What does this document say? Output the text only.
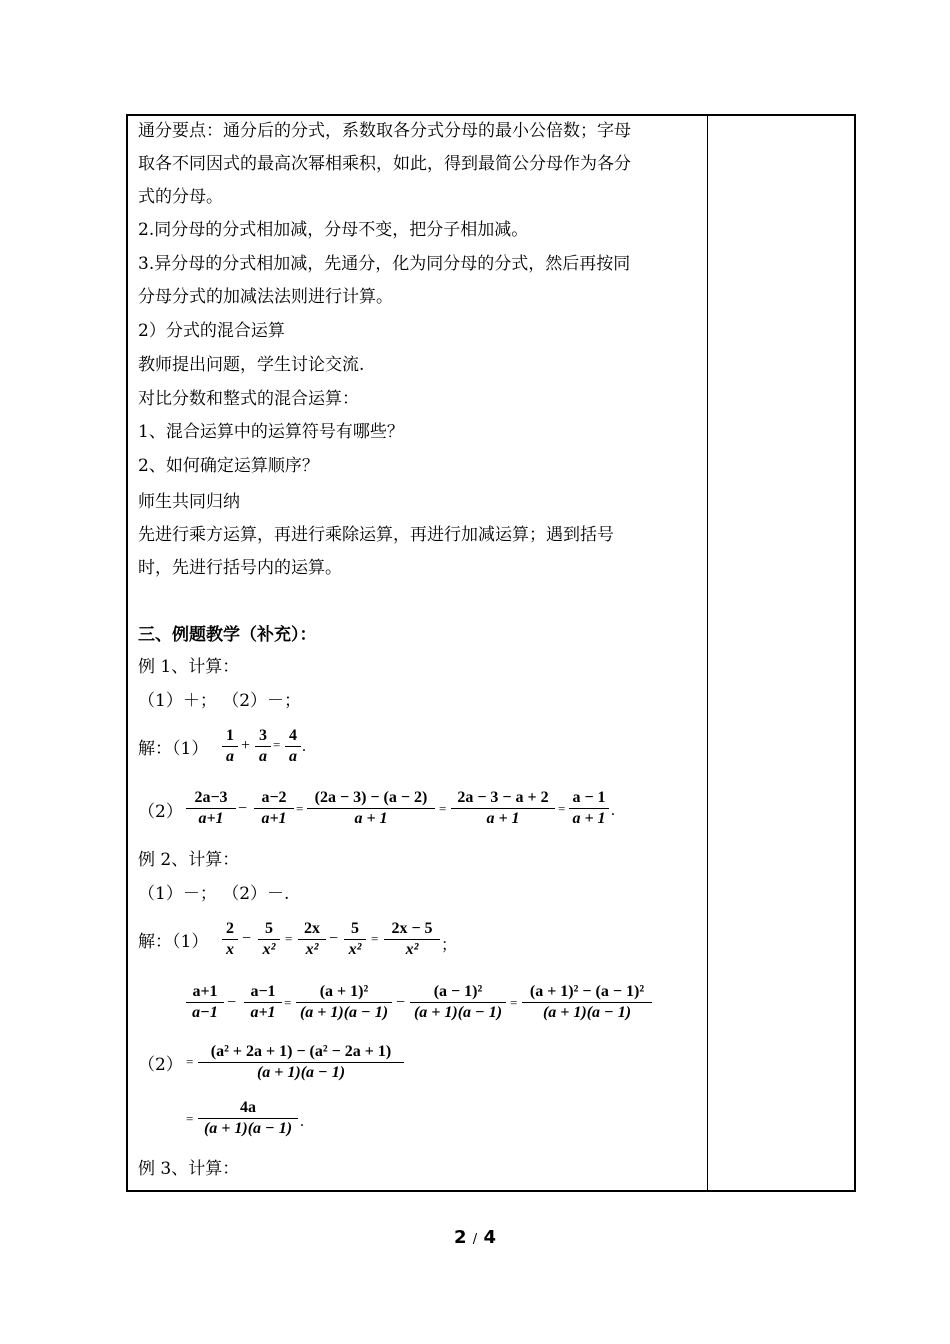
通分要点：通分后的分式，系数取各分式分母的最小公倍数；字母
取各不同因式的最高次幂相乘积，如此，得到最简公分母作为各分
式的分母。
2.同分母的分式相加减，分母不变，把分子相加减。
3.异分母的分式相加减，先通分，化为同分母的分式，然后再按同
分母分式的加减法法则进行计算。
2）分式的混合运算
教师提出问题，学生讨论交流.
对比分数和整式的混合运算：
1、混合运算中的运算符号有哪些？
2、如何确定运算顺序？
师生共同归纳
先进行乘方运算，再进行乘除运算，再进行加减运算；遇到括号
时，先进行括号内的运算。
三、例题教学（补充）：
例 1、计算：
（1）＋； （2）－；
解：（1）
1
a
+
3
a
=
4
a
.
（2）
2a−3
a+1
−
a−2
a+1
=
(2a − 3) − (a − 2)
a + 1
=
2a − 3 − a + 2
a + 1
=
a − 1
a + 1 .
例 2、计算：
（1）－； （2）－.
解：（1）
2
x
−
5
x²
=
2x
x²
−
5
x²
=
2x − 5
x²	；
a+1
a−1
−
a−1
a+1
=
(a + 1)²
(a + 1)(a − 1)
−
(a − 1)²
(a + 1)(a − 1)
=
(a + 1)² − (a − 1)²
(a + 1)(a − 1)
（2） =
(a² + 2a + 1) − (a² − 2a + 1)
(a + 1)(a − 1)
=
4a
(a + 1)(a − 1) .
例 3、计算：
2 / 4
